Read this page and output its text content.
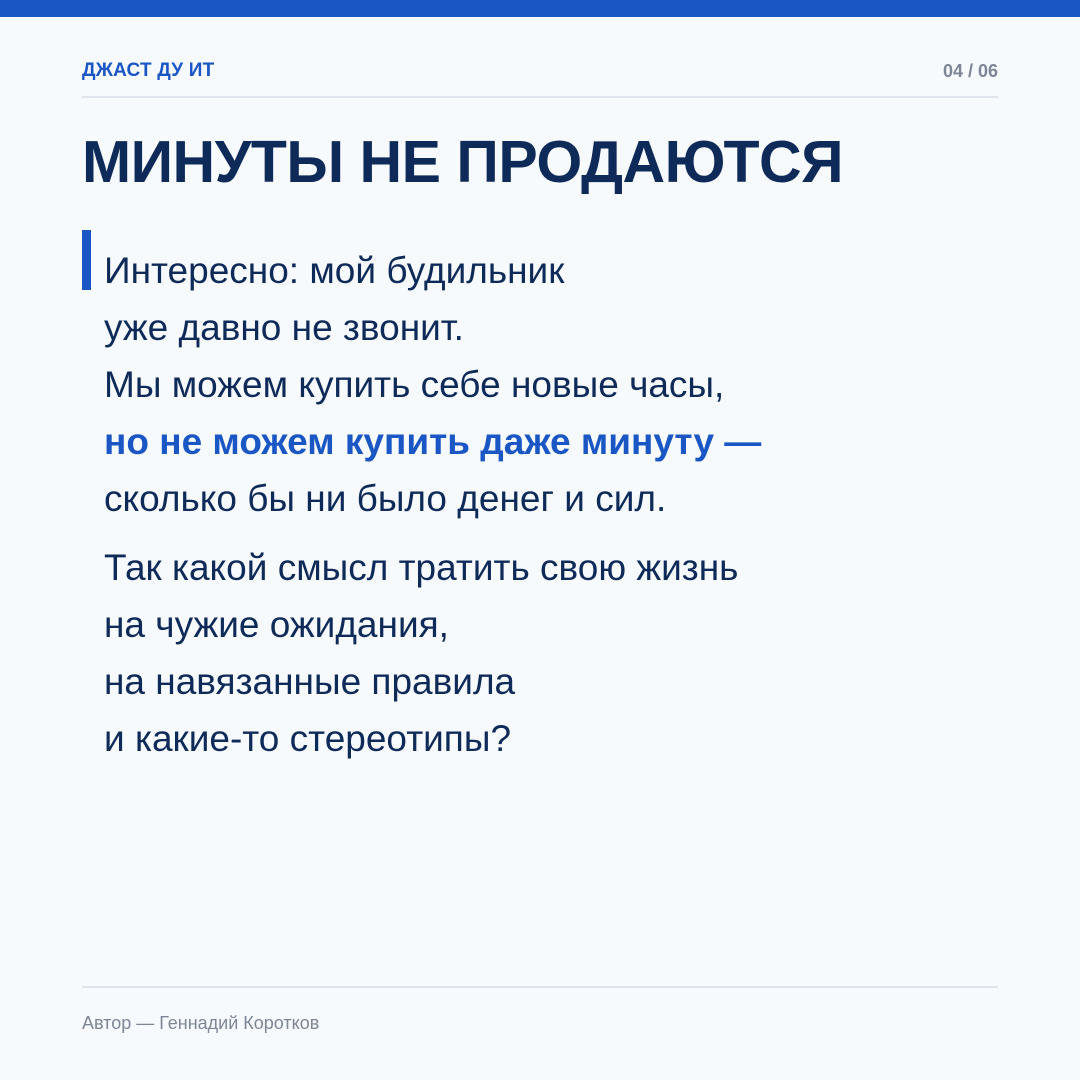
ДЖАСТ ДУ ИТ	04 / 06
МИНУТЫ НЕ ПРОДАЮТСЯ
Интересно: мой будильник
уже давно не звонит.
Мы можем купить себе новые часы,
но не можем купить даже минуту —
сколько бы ни было денег и сил.
Так какой смысл тратить свою жизнь
на чужие ожидания,
на навязанные правила
и какие-то стереотипы?
Автор — Геннадий Коротков
